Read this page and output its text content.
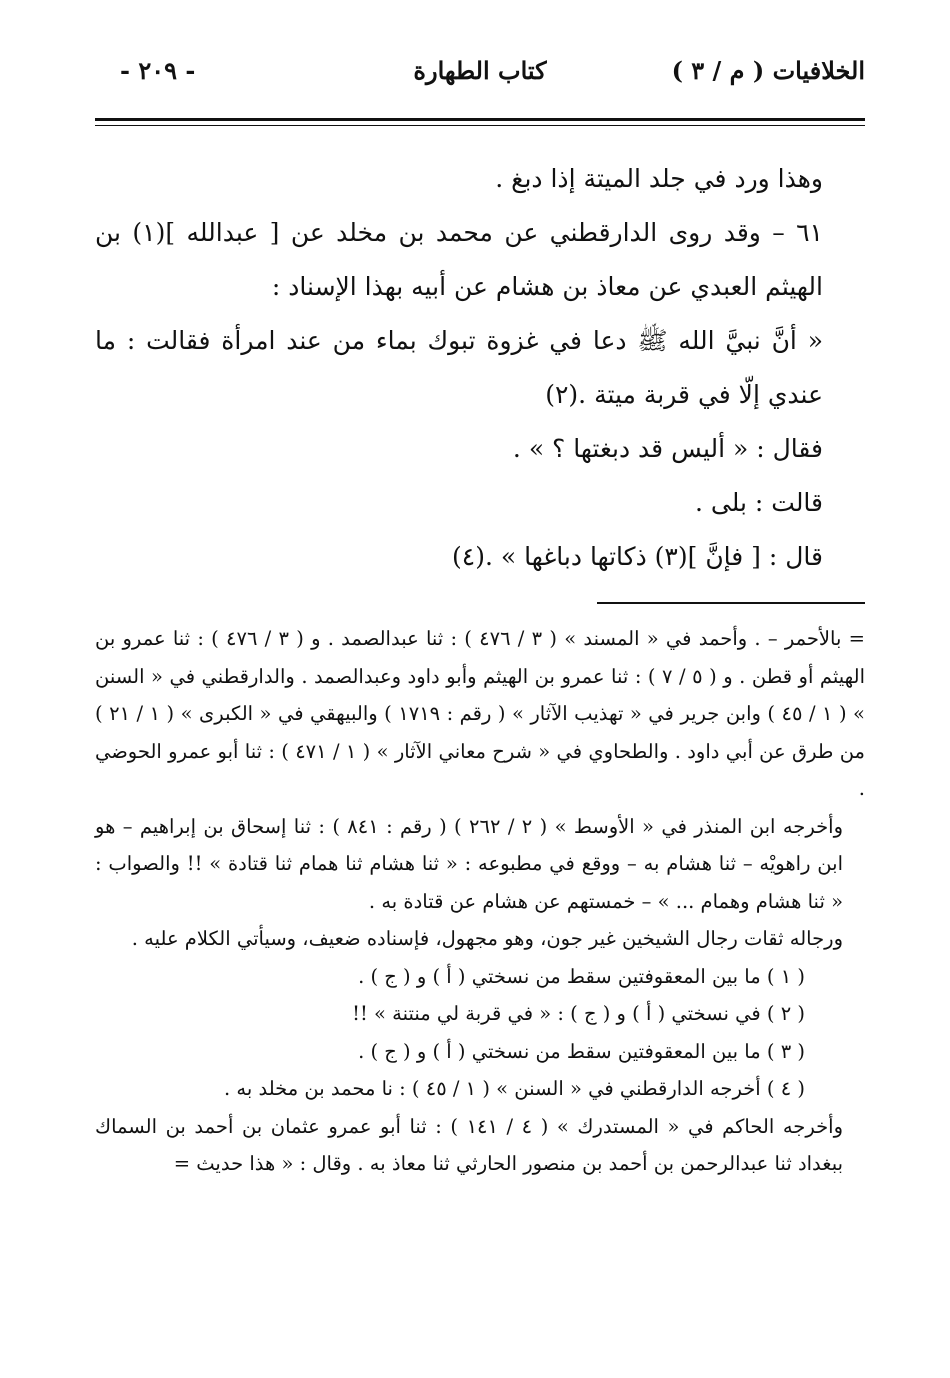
الخلافيات ( م / ٣ )
كتاب الطهارة
- ٢٠٩ -

وهذا ورد في جلد الميتة إذا دبغ .

٦١ – وقد روى الدارقطني عن محمد بن مخلد عن [ عبدالله ](١) بن الهيثم العبدي عن معاذ بن هشام عن أبيه بهذا الإسناد :

« أنَّ نبيَّ الله ﷺ دعا في غزوة تبوك بماء من عند امرأة فقالت : ما عندي إلّا في قربة ميتة .(٢)

فقال : « أليس قد دبغتها ؟ » .

قالت : بلى .

قال : [ فإنَّ ](٣) ذكاتها دباغها » .(٤)

= بالأحمر – . وأحمد في « المسند » ( ٣ / ٤٧٦ ) : ثنا عبدالصمد . و ( ٣ / ٤٧٦ ) : ثنا عمرو بن الهيثم أو قطن . و ( ٥ / ٧ ) : ثنا عمرو بن الهيثم وأبو داود وعبدالصمد . والدارقطني في « السنن » ( ١ / ٤٥ ) وابن جرير في « تهذيب الآثار » ( رقم : ١٧١٩ ) والبيهقي في « الكبرى » ( ١ / ٢١ ) من طرق عن أبي داود . والطحاوي في « شرح معاني الآثار » ( ١ / ٤٧١ ) : ثنا أبو عمرو الحوضي .

وأخرجه ابن المنذر في « الأوسط » ( ٢ / ٢٦٢ ) ( رقم : ٨٤١ ) : ثنا إسحاق بن إبراهيم – هو ابن راهويْه – ثنا هشام به – ووقع في مطبوعه : « ثنا هشام ثنا همام ثنا قتادة » !! والصواب : « ثنا هشام وهمام ... » – خمستهم عن هشام عن قتادة به .

ورجاله ثقات رجال الشيخين غير جون، وهو مجهول، فإسناده ضعيف، وسيأتي الكلام عليه .

( ١ ) ما بين المعقوفتين سقط من نسختي ( أ ) و ( ج ) .

( ٢ ) في نسختي ( أ ) و ( ج ) : « في قربة لي منتنة » !!

( ٣ ) ما بين المعقوفتين سقط من نسختي ( أ ) و ( ج ) .

( ٤ ) أخرجه الدارقطني في « السنن » ( ١ / ٤٥ ) : نا محمد بن مخلد به .

وأخرجه الحاكم في « المستدرك » ( ٤ / ١٤١ ) : ثنا أبو عمرو عثمان بن أحمد بن السماك ببغداد ثنا عبدالرحمن بن أحمد بن منصور الحارثي ثنا معاذ به . وقال : « هذا حديث =
